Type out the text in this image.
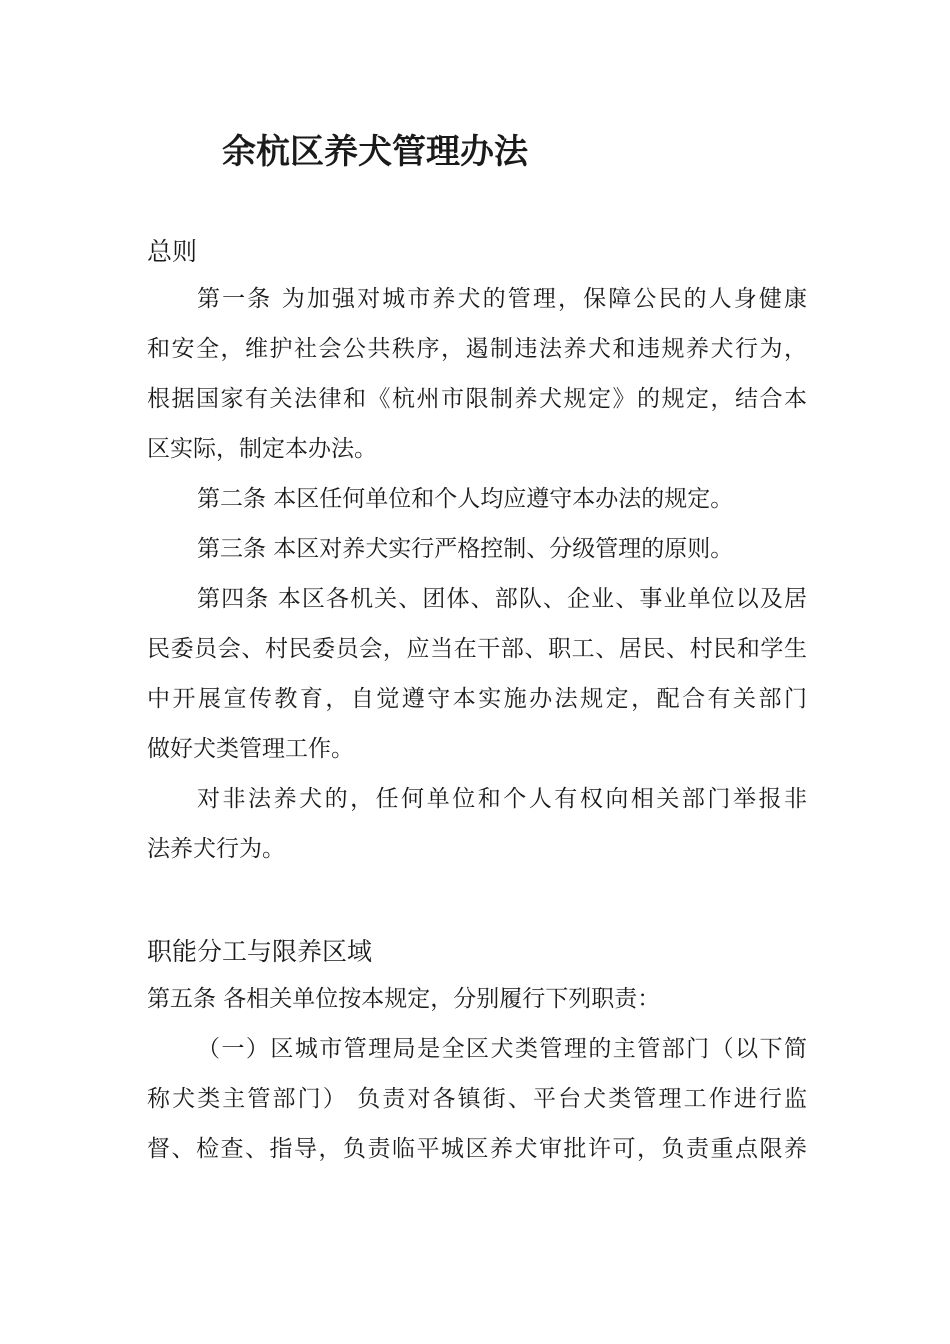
余杭区养犬管理办法
总则
第一条 为加强对城市养犬的管理，保障公民的人身健康
和安全，维护社会公共秩序，遏制违法养犬和违规养犬行为，
根据国家有关法律和《杭州市限制养犬规定》的规定，结合本
区实际，制定本办法。
第二条 本区任何单位和个人均应遵守本办法的规定。
第三条 本区对养犬实行严格控制、分级管理的原则。
第四条 本区各机关、团体、部队、企业、事业单位以及居
民委员会、村民委员会，应当在干部、职工、居民、村民和学生
中开展宣传教育，自觉遵守本实施办法规定，配合有关部门
做好犬类管理工作。
对非法养犬的，任何单位和个人有权向相关部门举报非
法养犬行为。
职能分工与限养区域
第五条 各相关单位按本规定，分别履行下列职责：
（一）区城市管理局是全区犬类管理的主管部门（以下简
称犬类主管部门） 负责对各镇街、平台犬类管理工作进行监
督、检查、指导，负责临平城区养犬审批许可，负责重点限养
